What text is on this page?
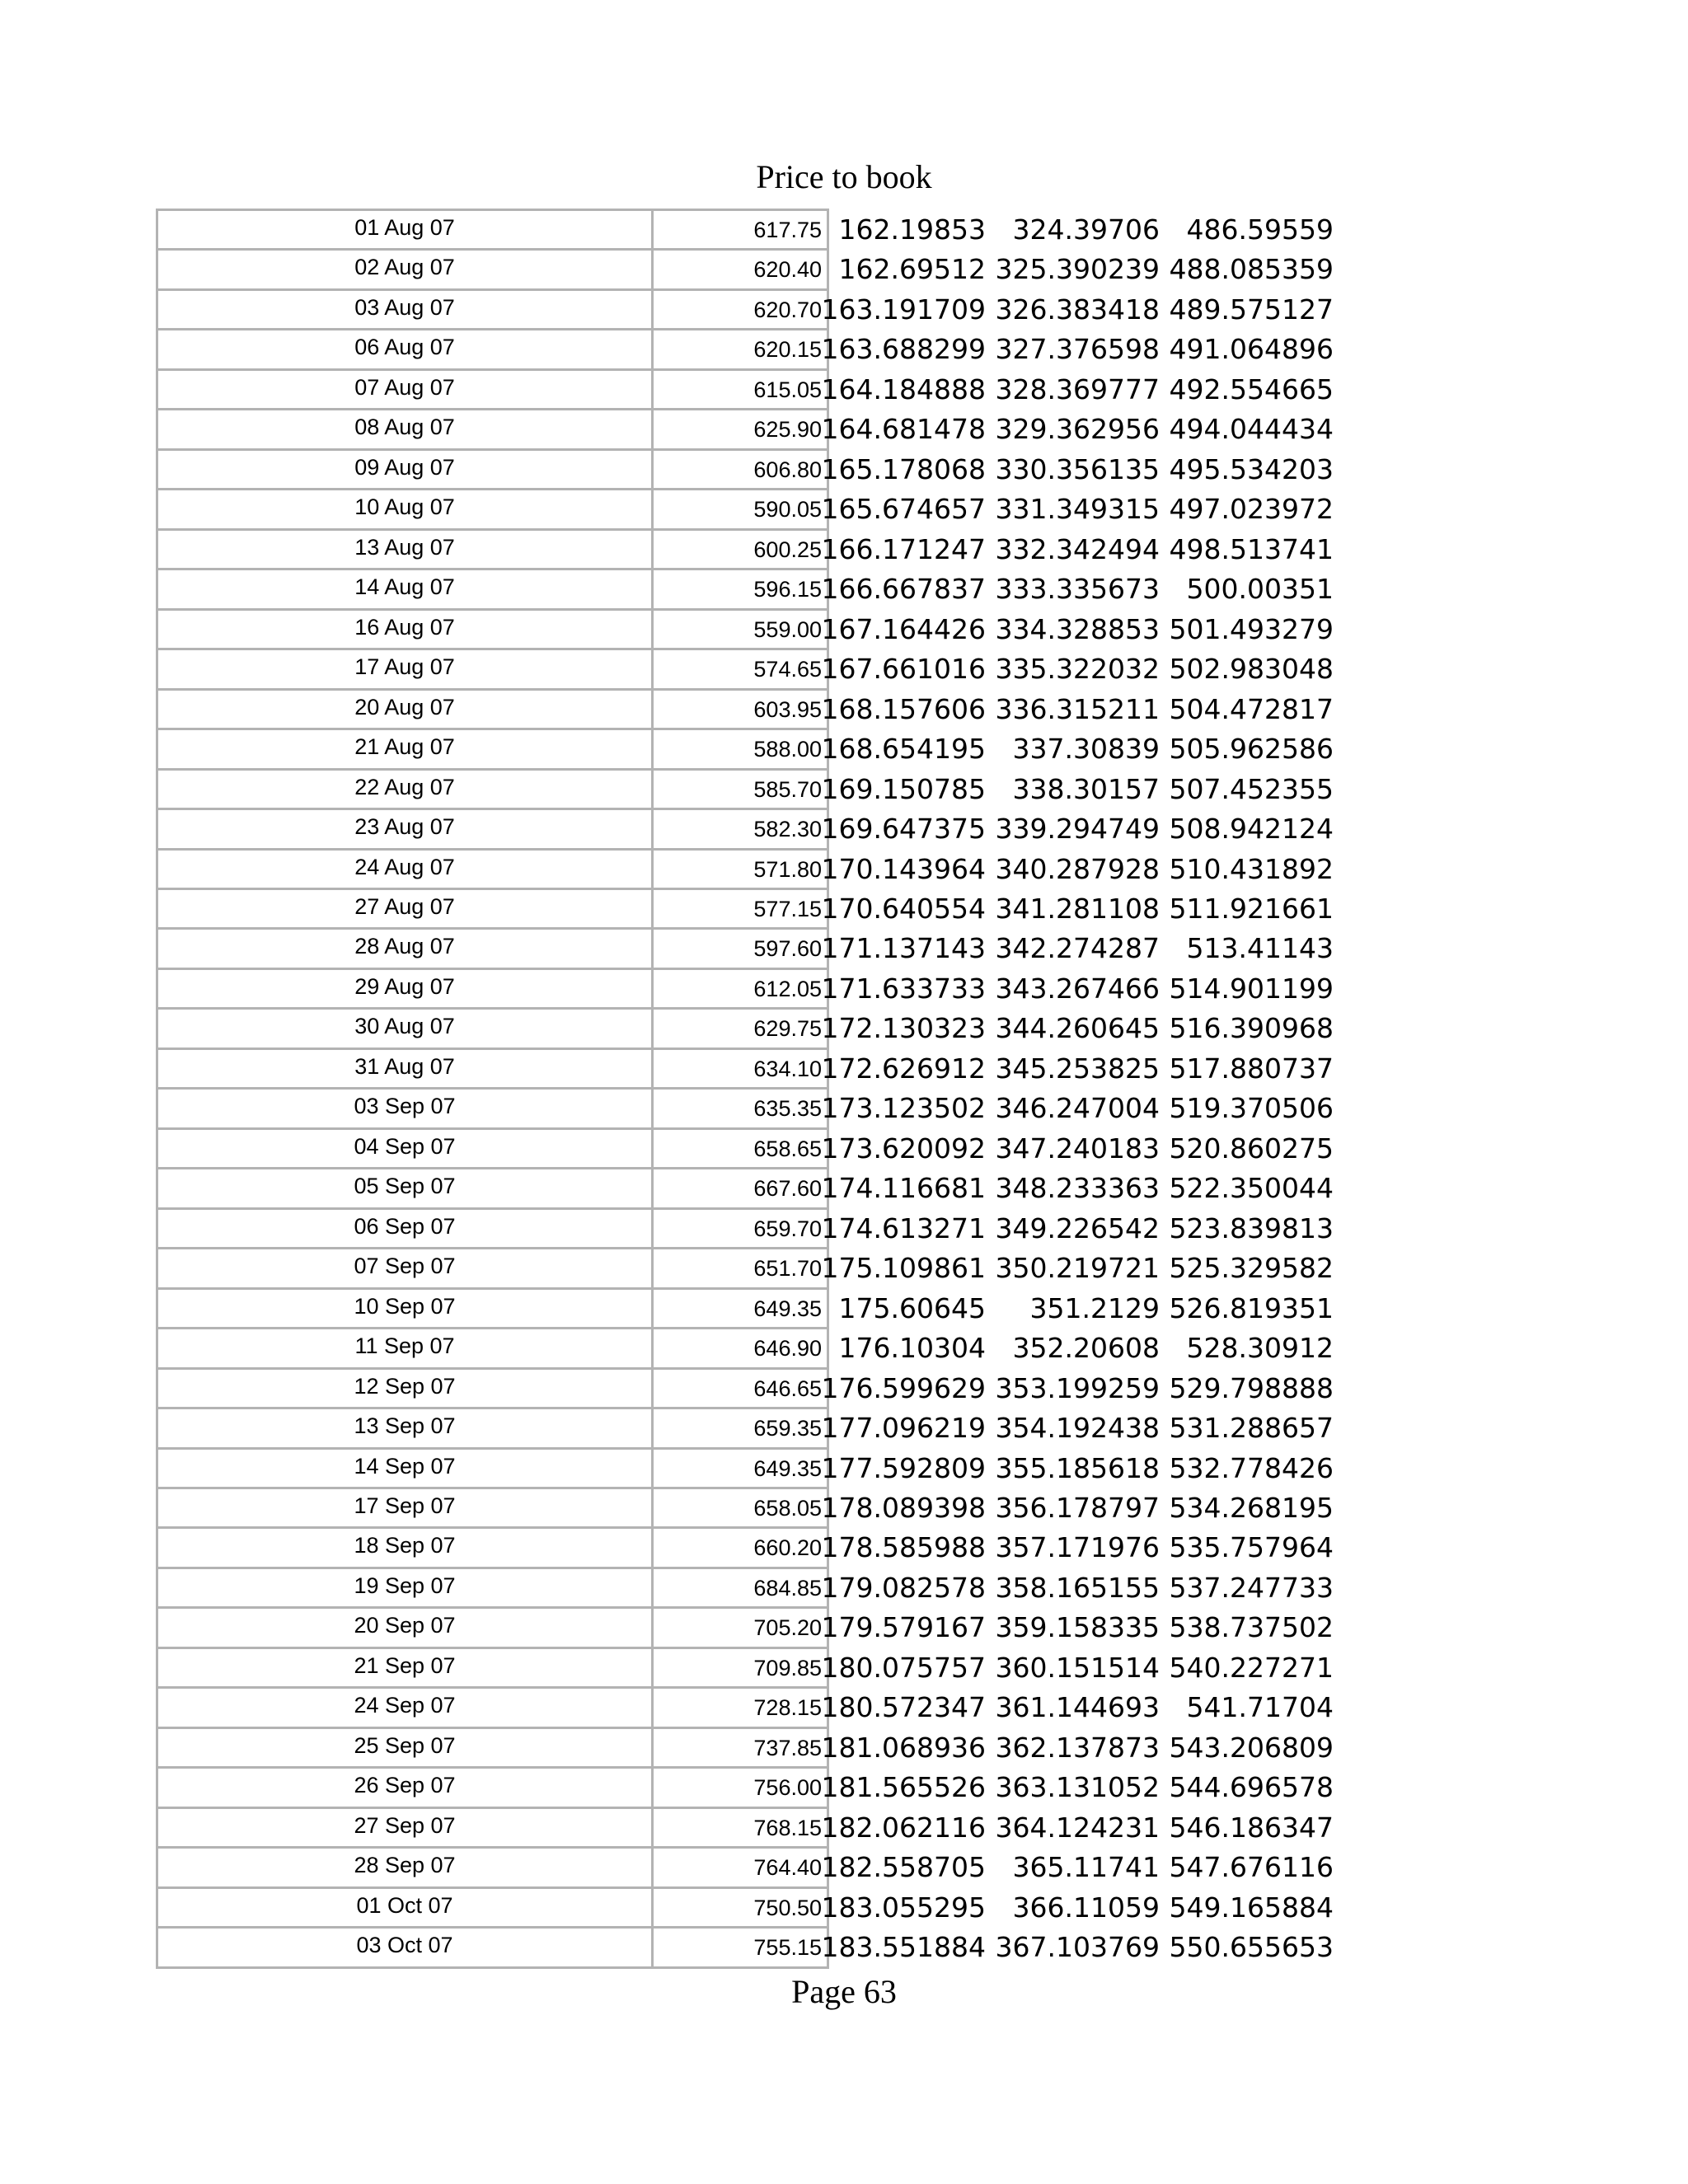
Price to book
01 Aug 07	617.75 162.19853 324.39706 486.59559
02 Aug 07	620.40 162.69512 325.390239 488.085359
03 Aug 07	620.70 163.191709 326.383418 489.575127
06 Aug 07	620.15 163.688299 327.376598 491.064896
07 Aug 07	615.05 164.184888 328.369777 492.554665
08 Aug 07	625.90 164.681478 329.362956 494.044434
09 Aug 07	606.80 165.178068 330.356135 495.534203
10 Aug 07	590.05 165.674657 331.349315 497.023972
13 Aug 07	600.25 166.171247 332.342494 498.513741
14 Aug 07	596.15 166.667837 333.335673 500.00351
16 Aug 07	559.00 167.164426 334.328853 501.493279
17 Aug 07	574.65 167.661016 335.322032 502.983048
20 Aug 07	603.95 168.157606 336.315211 504.472817
21 Aug 07	588.00 168.654195 337.30839 505.962586
22 Aug 07	585.70 169.150785 338.30157 507.452355
23 Aug 07	582.30 169.647375 339.294749 508.942124
24 Aug 07	571.80 170.143964 340.287928 510.431892
27 Aug 07	577.15 170.640554 341.281108 511.921661
28 Aug 07	597.60 171.137143 342.274287 513.41143
29 Aug 07	612.05 171.633733 343.267466 514.901199
30 Aug 07	629.75 172.130323 344.260645 516.390968
31 Aug 07	634.10 172.626912 345.253825 517.880737
03 Sep 07	635.35 173.123502 346.247004 519.370506
04 Sep 07	658.65 173.620092 347.240183 520.860275
05 Sep 07	667.60 174.116681 348.233363 522.350044
06 Sep 07	659.70 174.613271 349.226542 523.839813
07 Sep 07	651.70 175.109861 350.219721 525.329582
10 Sep 07	649.35 175.60645	351.2129 526.819351
11 Sep 07	646.90 176.10304 352.20608 528.30912
12 Sep 07	646.65 176.599629 353.199259 529.798888
13 Sep 07	659.35 177.096219 354.192438 531.288657
14 Sep 07	649.35 177.592809 355.185618 532.778426
17 Sep 07	658.05 178.089398 356.178797 534.268195
18 Sep 07	660.20 178.585988 357.171976 535.757964
19 Sep 07	684.85 179.082578 358.165155 537.247733
20 Sep 07	705.20 179.579167 359.158335 538.737502
21 Sep 07	709.85 180.075757 360.151514 540.227271
24 Sep 07	728.15 180.572347 361.144693 541.71704
25 Sep 07	737.85 181.068936 362.137873 543.206809
26 Sep 07	756.00 181.565526 363.131052 544.696578
27 Sep 07	768.15 182.062116 364.124231 546.186347
28 Sep 07	764.40 182.558705 365.11741 547.676116
01 Oct 07	750.50 183.055295 366.11059 549.165884
03 Oct 07	755.15 183.551884 367.103769 550.655653
Page 63
